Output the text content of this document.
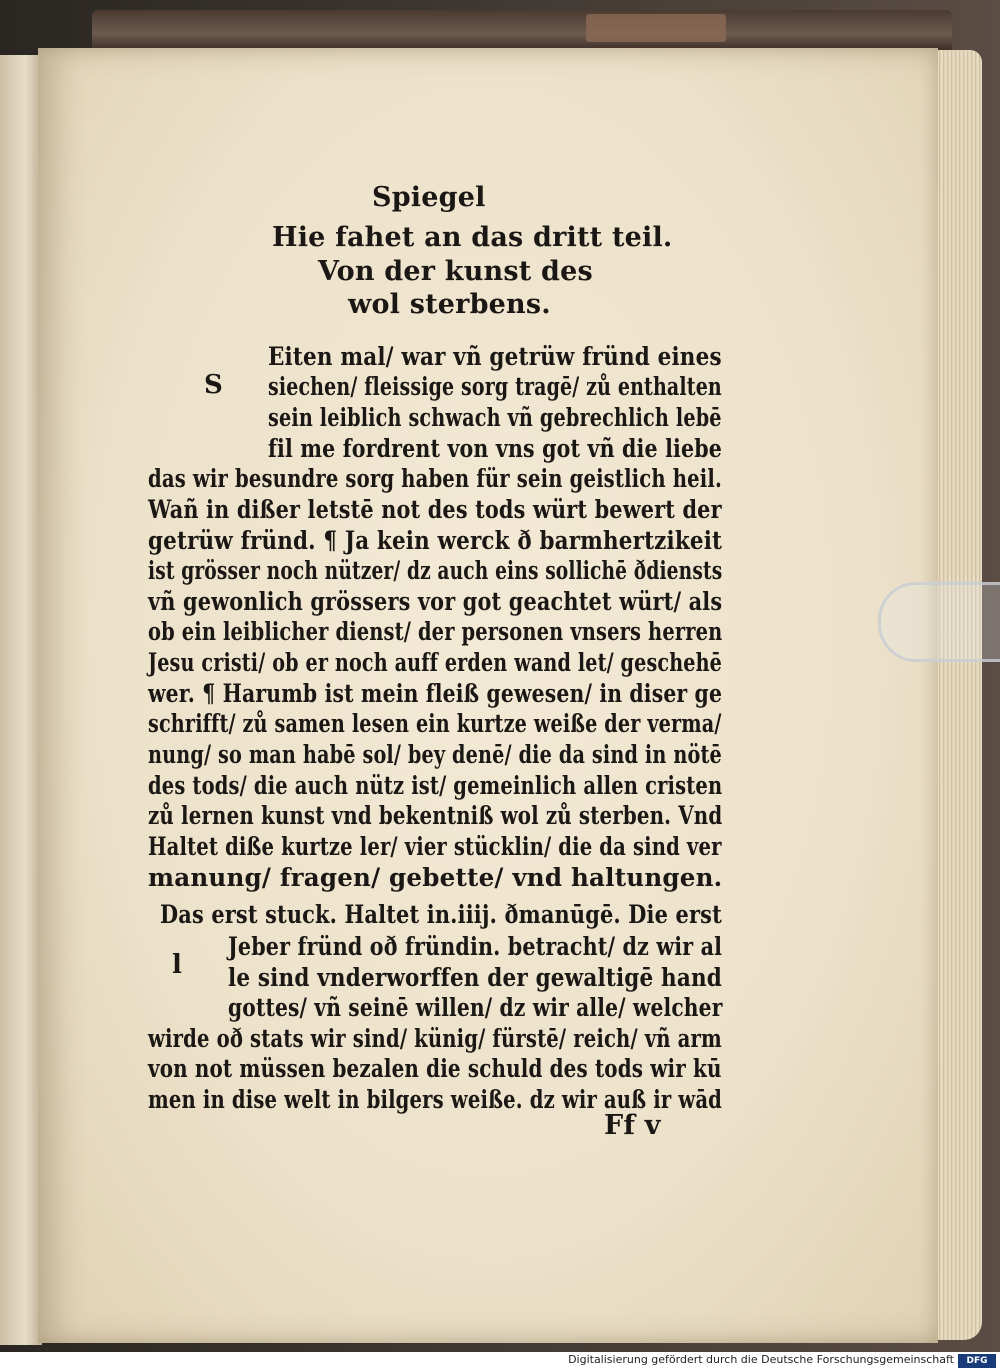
Spiegel
Hie fahet an das dritt teil.
Von der kunst des
wol sterbens.
S
Eiten mal/ war vñ getrüw fründ eines
siechen/ fleissige sorg tragē/ zů enthalten
sein leiblich schwach vñ gebrechlich lebē
fil me fordrent von vns got vñ die liebe
das wir besundre sorg haben für sein geistlich heil.
Wañ in dißer letstē not des tods würt bewert der
getrüw fründ. ¶ Ja kein werck ð barmhertzikeit
ist grösser noch nützer/ dz auch eins sollichē ðdiensts
vñ gewonlich grössers vor got geachtet würt/ als
ob ein leiblicher dienst/ der personen vnsers herren
Jesu cristi/ ob er noch auff erden wand let/ geschehē
wer. ¶ Harumb ist mein fleiß gewesen/ in diser ge
schrifft/ zů samen lesen ein kurtze weiße der verma/
nung/ so man habē sol/ bey denē/ die da sind in nötē
des tods/ die auch nütz ist/ gemeinlich allen cristen
zů lernen kunst vnd bekentniß wol zů sterben. Vnd
Haltet diße kurtze ler/ vier stücklin/ die da sind ver
manung/ fragen/ gebette/ vnd haltungen.
Das erst stuck. Haltet in.iiij. ðmanūgē. Die erst
l
Jeber fründ oð fründin. betracht/ dz wir al
le sind vnderworffen der gewaltigē hand
gottes/ vñ seinē willen/ dz wir alle/ welcher
wirde oð stats wir sind/ künig/ fürstē/ reich/ vñ arm
von not müssen bezalen die schuld des tods wir kū
men in dise welt in bilgers weiße. dz wir auß ir wād
Ff v
Digitalisierung gefördert durch die Deutsche Forschungsgemeinschaft	DFG
